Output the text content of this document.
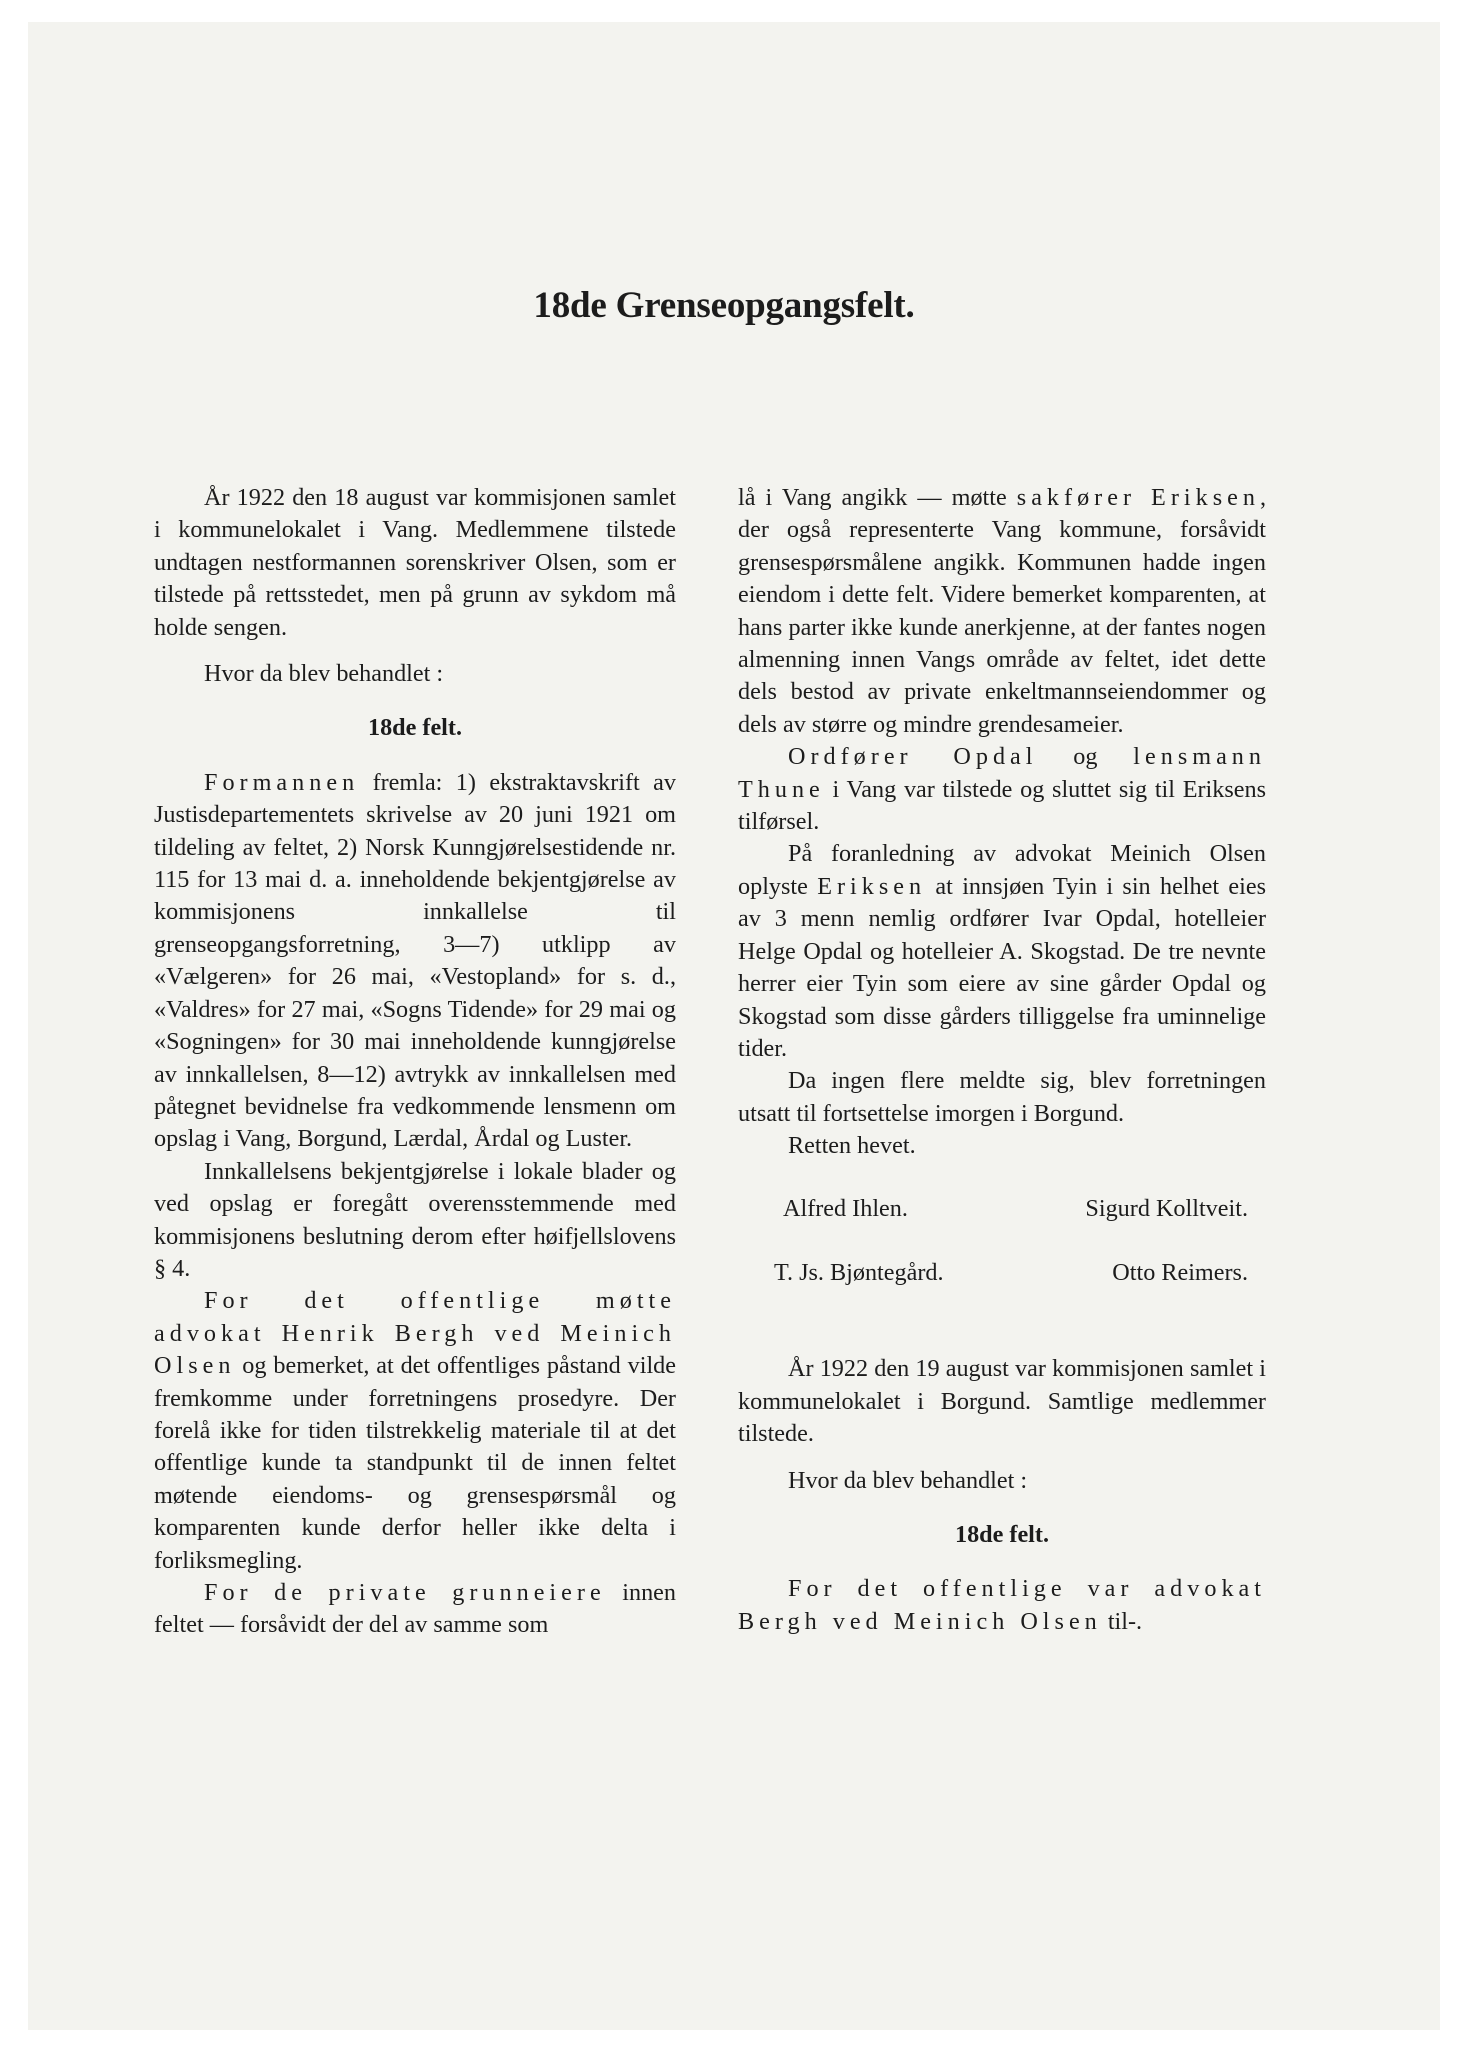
18de Grenseopgangsfelt.

År 1922 den 18 august var kommisjonen samlet i kommunelokalet i Vang. Medlemmene tilstede undtagen nestformannen sorenskriver Olsen, som er tilstede på rettsstedet, men på grunn av sykdom må holde sengen.

Hvor da blev behandlet :

18de felt.

Formannen fremla: 1) ekstraktavskrift av Justisdepartementets skrivelse av 20 juni 1921 om tildeling av feltet, 2) Norsk Kunngjørelsestidende nr. 115 for 13 mai d. a. inneholdende bekjentgjørelse av kommisjonens innkallelse til grenseopgangsforretning, 3—7) utklipp av «Vælgeren» for 26 mai, «Vestopland» for s. d., «Valdres» for 27 mai, «Sogns Tidende» for 29 mai og «Sogningen» for 30 mai inneholdende kunngjørelse av innkallelsen, 8—12) avtrykk av innkallelsen med påtegnet bevidnelse fra vedkommende lensmenn om opslag i Vang, Borgund, Lærdal, Årdal og Luster.

Innkallelsens bekjentgjørelse i lokale blader og ved opslag er foregått overensstemmende med kommisjonens beslutning derom efter høifjellslovens § 4.

For det offentlige møtte advokat Henrik Bergh ved Meinich Olsen og bemerket, at det offentliges påstand vilde fremkomme under forretningens prosedyre. Der forelå ikke for tiden tilstrekkelig materiale til at det offentlige kunde ta standpunkt til de innen feltet møtende eiendoms- og grensespørsmål og komparenten kunde derfor heller ikke delta i forliksmegling.

For de private grunneiere innen feltet — forsåvidt der del av samme som

lå i Vang angikk — møtte sakfører Eriksen, der også representerte Vang kommune, forsåvidt grensespørsmålene angikk. Kommunen hadde ingen eiendom i dette felt. Videre bemerket komparenten, at hans parter ikke kunde anerkjenne, at der fantes nogen almenning innen Vangs område av feltet, idet dette dels bestod av private enkeltmannseiendommer og dels av større og mindre grendesameier.

Ordfører Opdal og lensmann Thune i Vang var tilstede og sluttet sig til Eriksens tilførsel.

På foranledning av advokat Meinich Olsen oplyste Eriksen at innsjøen Tyin i sin helhet eies av 3 menn nemlig ordfører Ivar Opdal, hotelleier Helge Opdal og hotelleier A. Skogstad. De tre nevnte herrer eier Tyin som eiere av sine gårder Opdal og Skogstad som disse gårders tilliggelse fra uminnelige tider.

Da ingen flere meldte sig, blev forretningen utsatt til fortsettelse imorgen i Borgund.

Retten hevet.

Alfred Ihlen.	Sigurd Kolltveit.
T. Js. Bjøntegård.	Otto Reimers.

År 1922 den 19 august var kommisjonen samlet i kommunelokalet i Borgund. Samtlige medlemmer tilstede.

Hvor da blev behandlet :

18de felt.

For det offentlige var advokat Bergh ved Meinich Olsen til-.
